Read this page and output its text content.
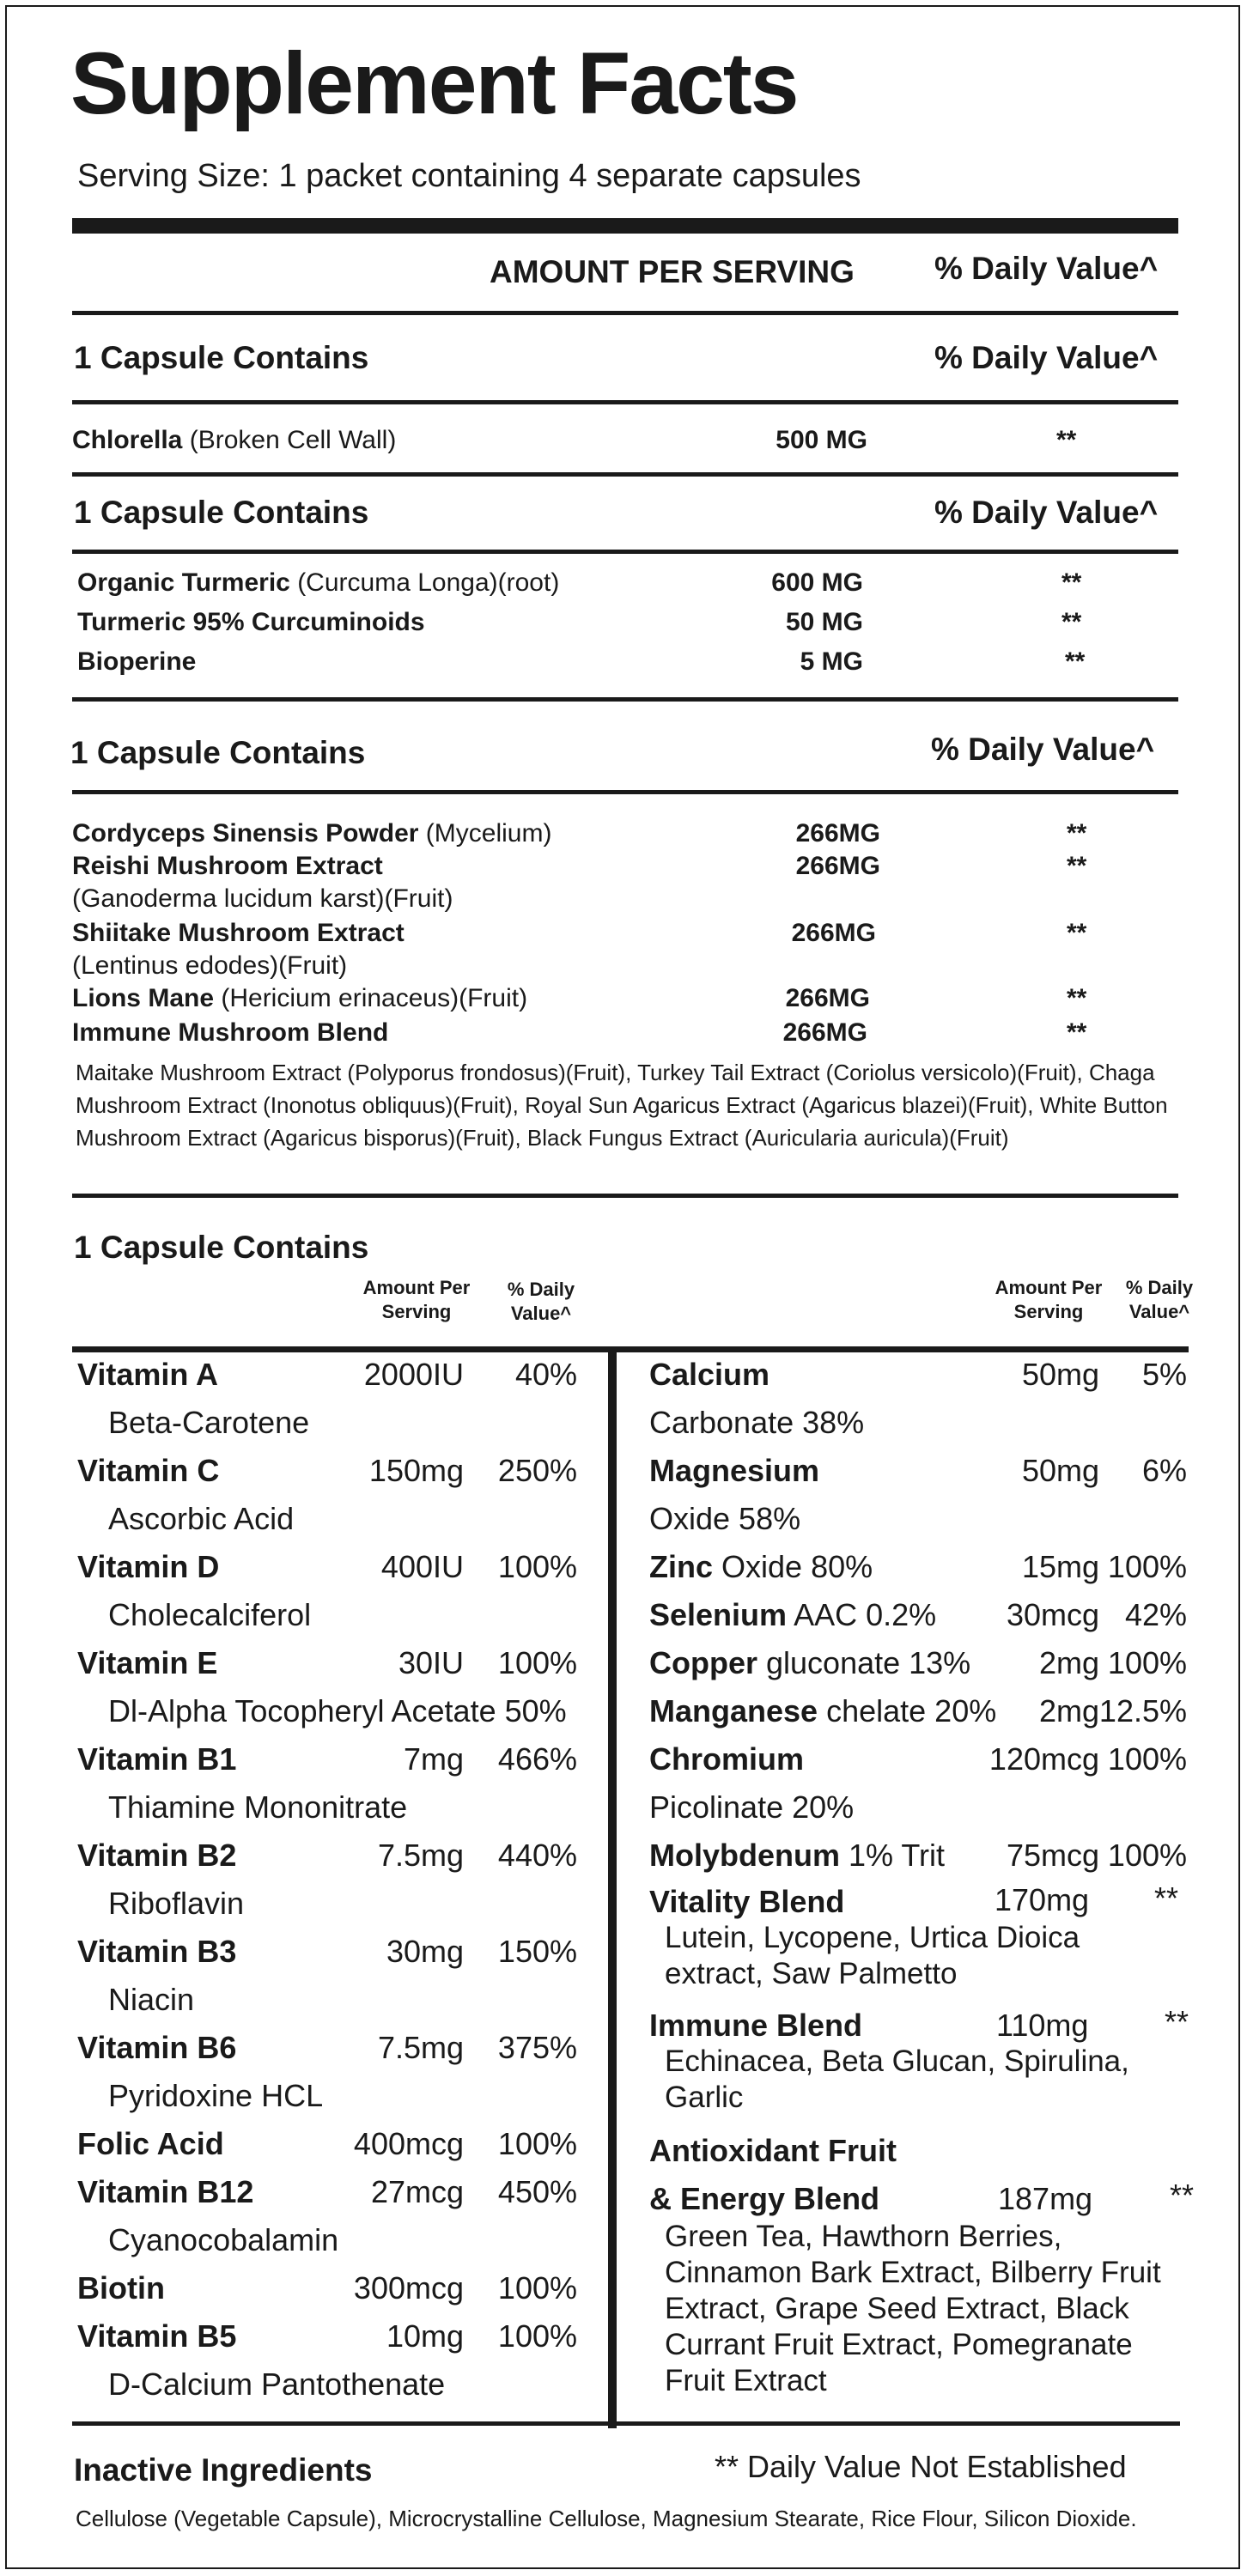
Supplement Facts
Serving Size: 1 packet containing 4 separate capsules
AMOUNT PER SERVING	% Daily Value^
1 Capsule Contains	% Daily Value^
Chlorella (Broken Cell Wall)	500 MG	**
1 Capsule Contains	% Daily Value^
Organic Turmeric (Curcuma Longa)(root)	600 MG	**
Turmeric 95% Curcuminoids	50 MG	**
Bioperine	5 MG	**
1 Capsule Contains	% Daily Value^
Cordyceps Sinensis Powder (Mycelium)	266MG	**
Reishi Mushroom Extract	266MG	**
(Ganoderma lucidum karst)(Fruit)
Shiitake Mushroom Extract	266MG	**
(Lentinus edodes)(Fruit)
Lions Mane (Hericium erinaceus)(Fruit)	266MG	**
Immune Mushroom Blend	266MG	**
Maitake Mushroom Extract (Polyporus frondosus)(Fruit), Turkey Tail Extract (Coriolus versicolo)(Fruit), Chaga Mushroom Extract (Inonotus obliquus)(Fruit), Royal Sun Agaricus Extract (Agaricus blazei)(Fruit), White Button Mushroom Extract (Agaricus bisporus)(Fruit), Black Fungus Extract (Auricularia auricula)(Fruit)
1 Capsule Contains
Amount Per Serving
% Daily Value^
Amount Per Serving
% Daily Value^
Vitamin A	2000IU	40%
Beta-Carotene
Vitamin C	150mg	250%
Ascorbic Acid
Vitamin D	400IU	100%
Cholecalciferol
Vitamin E	30IU	100%
Dl-Alpha Tocopheryl Acetate 50%
Vitamin B1	7mg	466%
Thiamine Mononitrate
Vitamin B2	7.5mg	440%
Riboflavin
Vitamin B3	30mg	150%
Niacin
Vitamin B6	7.5mg	375%
Pyridoxine HCL
Folic Acid	400mcg	100%
Vitamin B12	27mcg	450%
Cyanocobalamin
Biotin	300mcg	100%
Vitamin B5	10mg	100%
D-Calcium Pantothenate
Calcium	50mg	5%
Carbonate 38%
Magnesium	50mg	6%
Oxide 58%
Zinc Oxide 80%	15mg 100%
Selenium AAC 0.2%	30mcg 42%
Copper gluconate 13%	2mg 100%
Manganese chelate 20%	2mg 12.5%
Chromium	120mcg 100%
Picolinate 20%
Molybdenum 1% Trit	75mcg 100%
Vitality Blend	170mg **
Lutein, Lycopene, Urtica Dioica extract, Saw Palmetto
Immune Blend	110mg **
Echinacea, Beta Glucan, Spirulina, Garlic
Antioxidant Fruit
& Energy Blend	187mg **
Green Tea, Hawthorn Berries, Cinnamon Bark Extract, Bilberry Fruit Extract, Grape Seed Extract, Black Currant Fruit Extract, Pomegranate Fruit Extract
Inactive Ingredients	** Daily Value Not Established
Cellulose (Vegetable Capsule), Microcrystalline Cellulose, Magnesium Stearate, Rice Flour, Silicon Dioxide.
